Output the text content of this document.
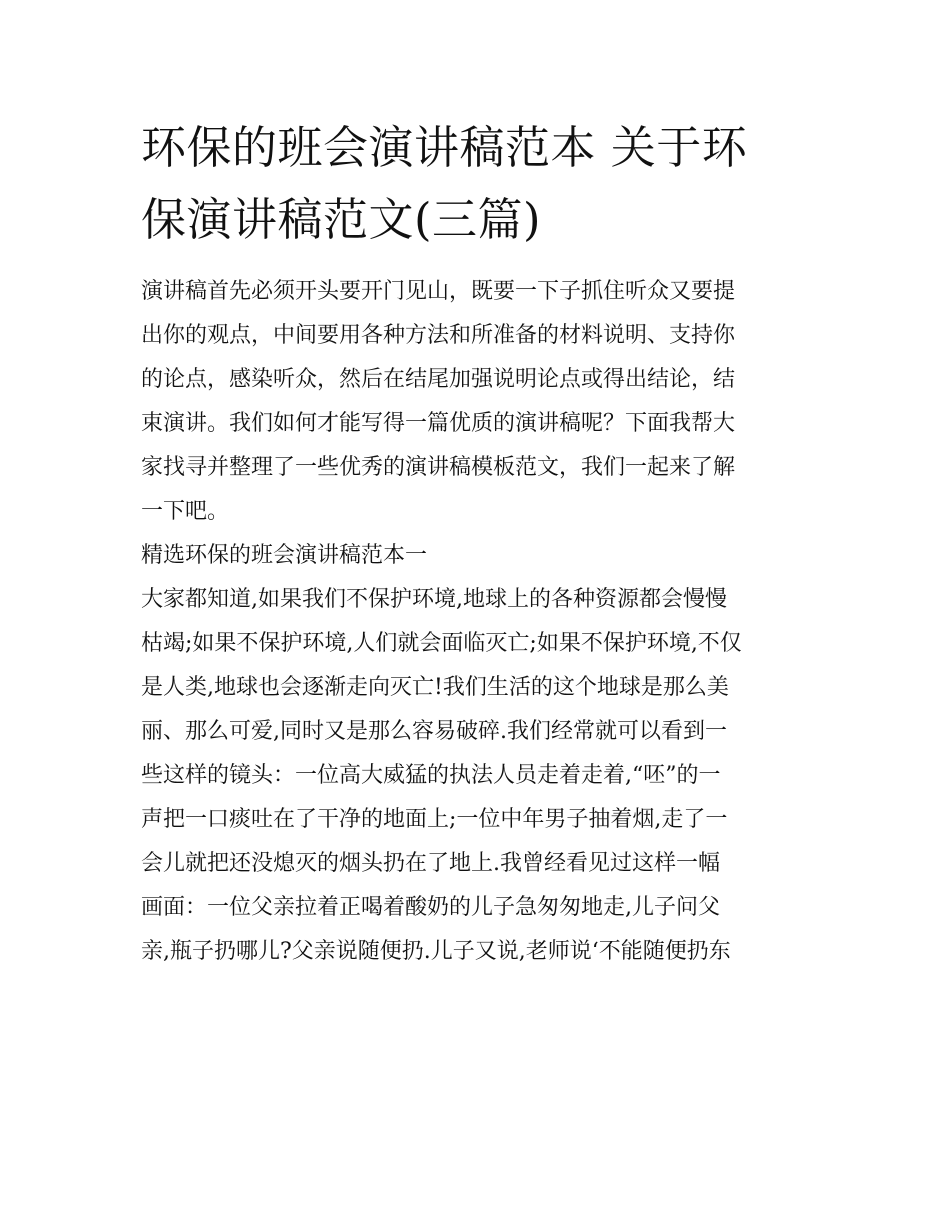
环保的班会演讲稿范本 关于环
保演讲稿范文(三篇)
演讲稿首先必须开头要开门见山，既要一下子抓住听众又要提
出你的观点，中间要用各种方法和所准备的材料说明、支持你
的论点，感染听众，然后在结尾加强说明论点或得出结论，结
束演讲。我们如何才能写得一篇优质的演讲稿呢？下面我帮大
家找寻并整理了一些优秀的演讲稿模板范文，我们一起来了解
一下吧。
精选环保的班会演讲稿范本一
大家都知道,如果我们不保护环境,地球上的各种资源都会慢慢
枯竭;如果不保护环境,人们就会面临灭亡;如果不保护环境,不仅
是人类,地球也会逐渐走向灭亡!我们生活的这个地球是那么美
丽、那么可爱,同时又是那么容易破碎.我们经常就可以看到一
些这样的镜头：一位高大威猛的执法人员走着走着,“呸”的一
声把一口痰吐在了干净的地面上;一位中年男子抽着烟,走了一
会儿就把还没熄灭的烟头扔在了地上.我曾经看见过这样一幅
画面：一位父亲拉着正喝着酸奶的儿子急匆匆地走,儿子问父
亲,瓶子扔哪儿?父亲说随便扔.儿子又说,老师说‘不能随便扔东
